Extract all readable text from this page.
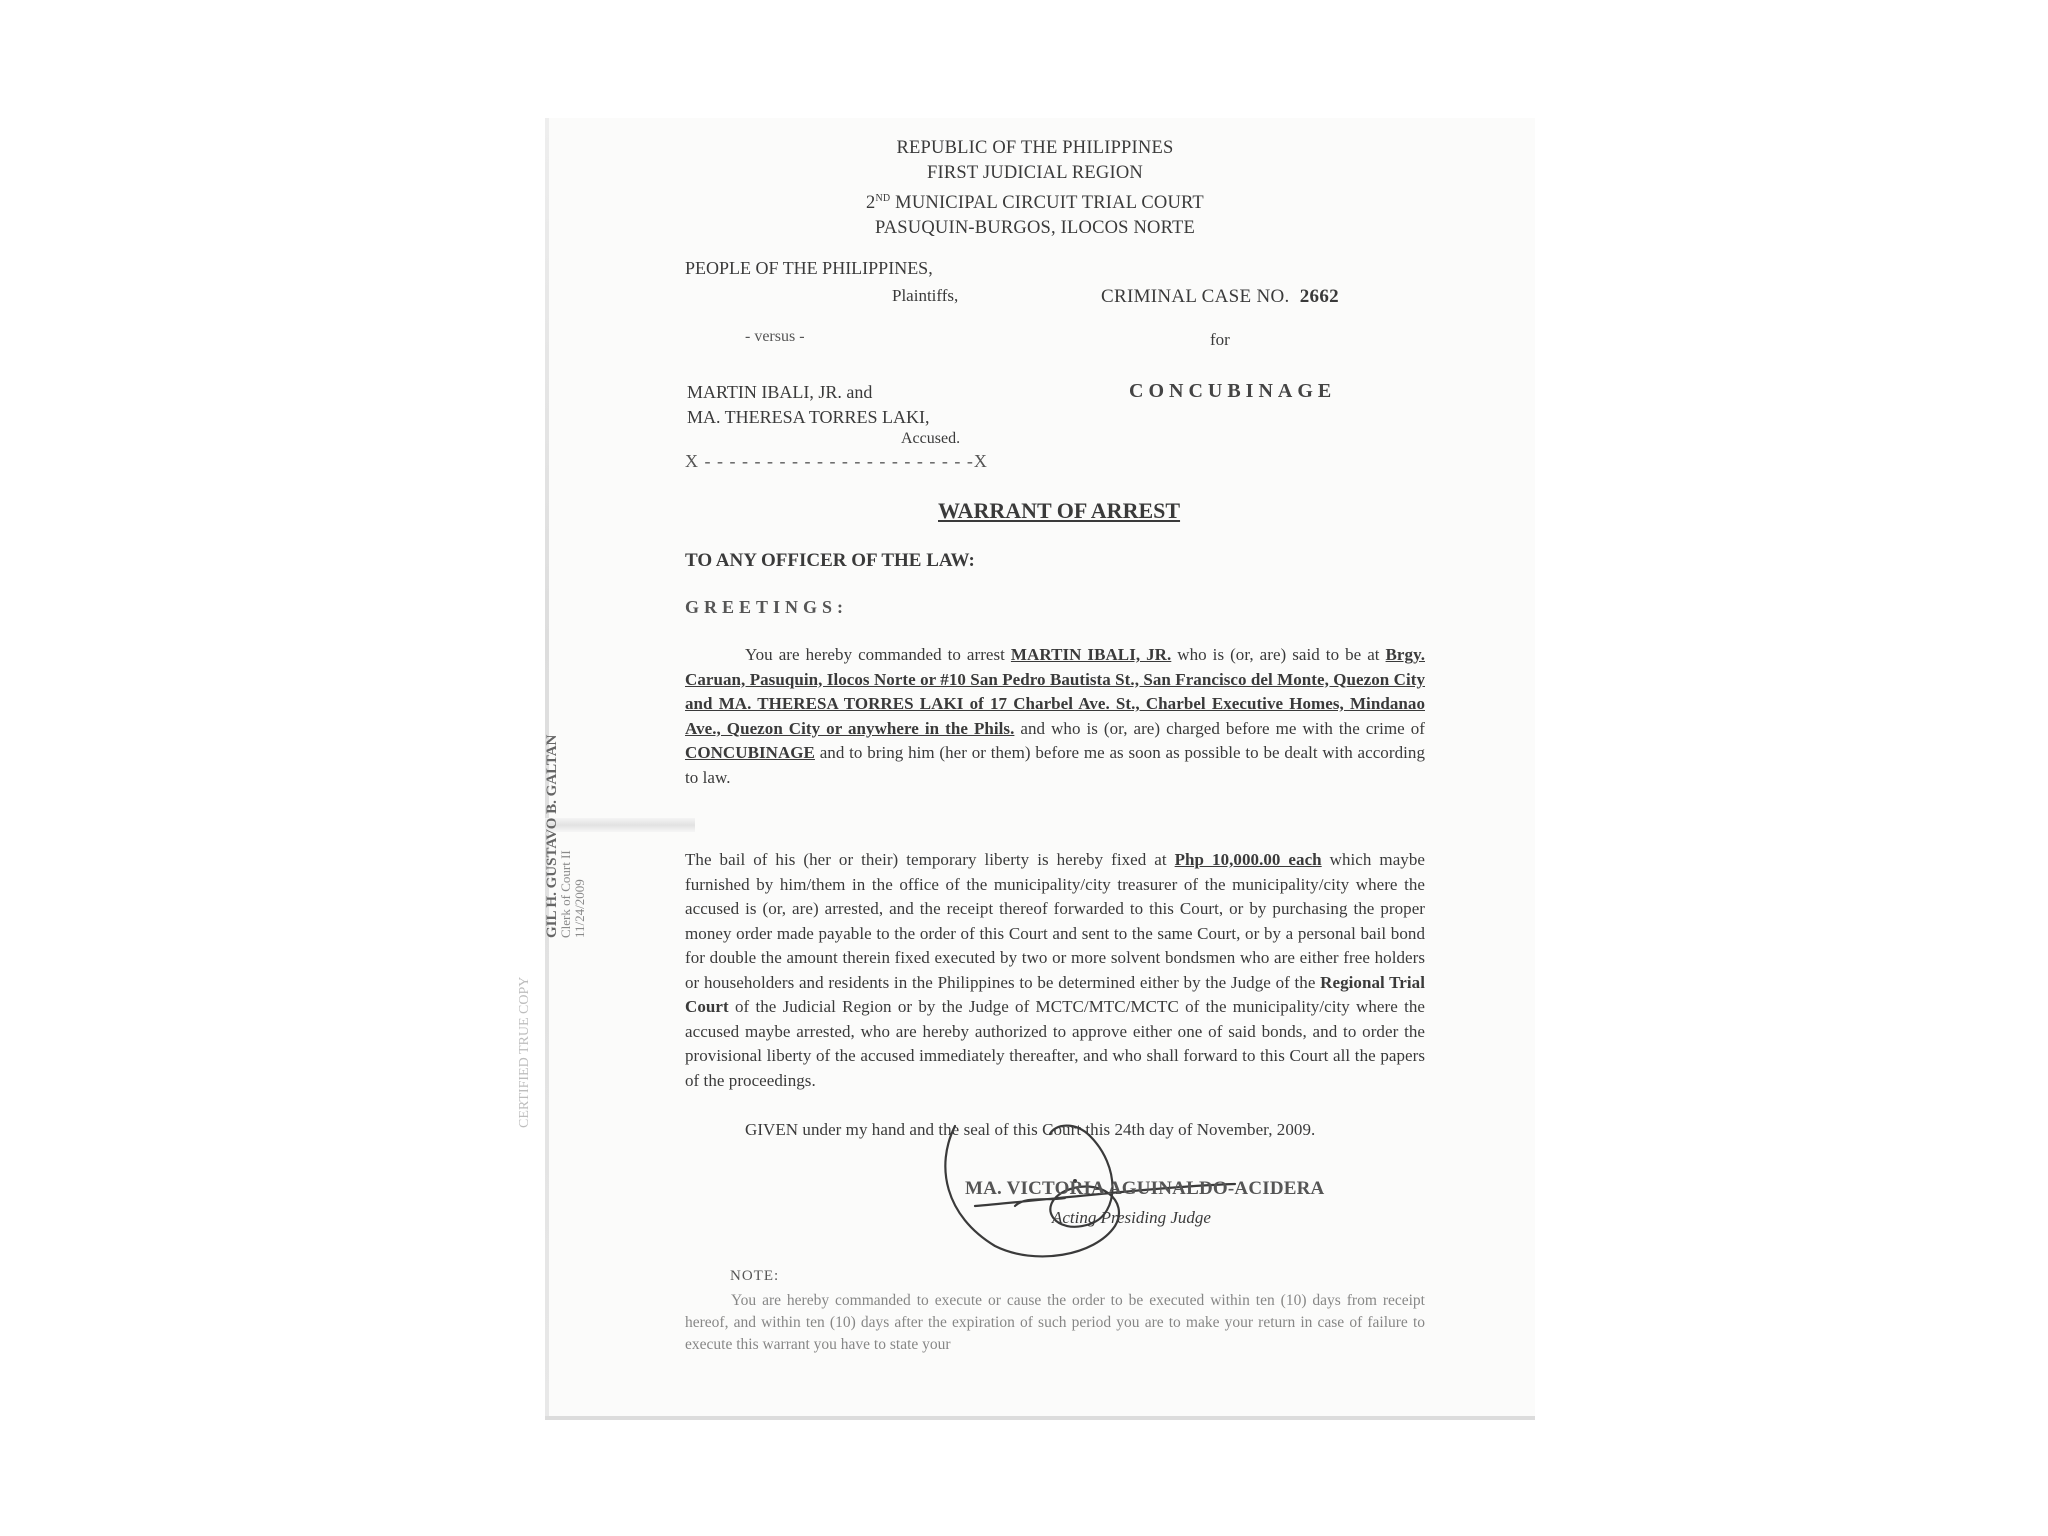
GIL H. GUSTAVO B. GALTAN
Clerk of Court II 11/24/2009
CERTIFIED TRUE COPY
REPUBLIC OF THE PHILIPPINES
FIRST JUDICIAL REGION
2ND MUNICIPAL CIRCUIT TRIAL COURT
PASUQUIN-BURGOS, ILOCOS NORTE
PEOPLE OF THE PHILIPPINES,
Plaintiffs,	CRIMINAL CASE NO. 2662
- versus -	for
MARTIN IBALI, JR. and
MA. THERESA TORRES LAKI,
Accused.
X - - - - - - - - - - - - - - - - - - - - - -X
CONCUBINAGE
WARRANT OF ARREST
TO ANY OFFICER OF THE LAW:
GREETINGS:
You are hereby commanded to arrest MARTIN IBALI, JR. who is (or, are) said to be at Brgy. Caruan, Pasuquin, Ilocos Norte or #10 San Pedro Bautista St., San Francisco del Monte, Quezon City and MA. THERESA TORRES LAKI of 17 Charbel Ave. St., Charbel Executive Homes, Mindanao Ave., Quezon City or anywhere in the Phils. and who is (or, are) charged before me with the crime of CONCUBINAGE and to bring him (her or them) before me as soon as possible to be dealt with according to law.
The bail of his (her or their) temporary liberty is hereby fixed at Php 10,000.00 each which maybe furnished by him/them in the office of the municipality/city treasurer of the municipality/city where the accused is (or, are) arrested, and the receipt thereof forwarded to this Court, or by purchasing the proper money order made payable to the order of this Court and sent to the same Court, or by a personal bail bond for double the amount therein fixed executed by two or more solvent bondsmen who are either free holders or householders and residents in the Philippines to be determined either by the Judge of the Regional Trial Court of the Judicial Region or by the Judge of MCTC/MTC/MCTC of the municipality/city where the accused maybe arrested, who are hereby authorized to approve either one of said bonds, and to order the provisional liberty of the accused immediately thereafter, and who shall forward to this Court all the papers of the proceedings.
GIVEN under my hand and the seal of this Court this 24th day of November, 2009.
MA. VICTORIA AGUINALDO-ACIDERA
Acting Presiding Judge
NOTE:
You are hereby commanded to execute or cause the order to be executed within ten (10) days from receipt hereof, and within ten (10) days after the expiration of such period you are to make your return in case of failure to execute this warrant you have to state your
